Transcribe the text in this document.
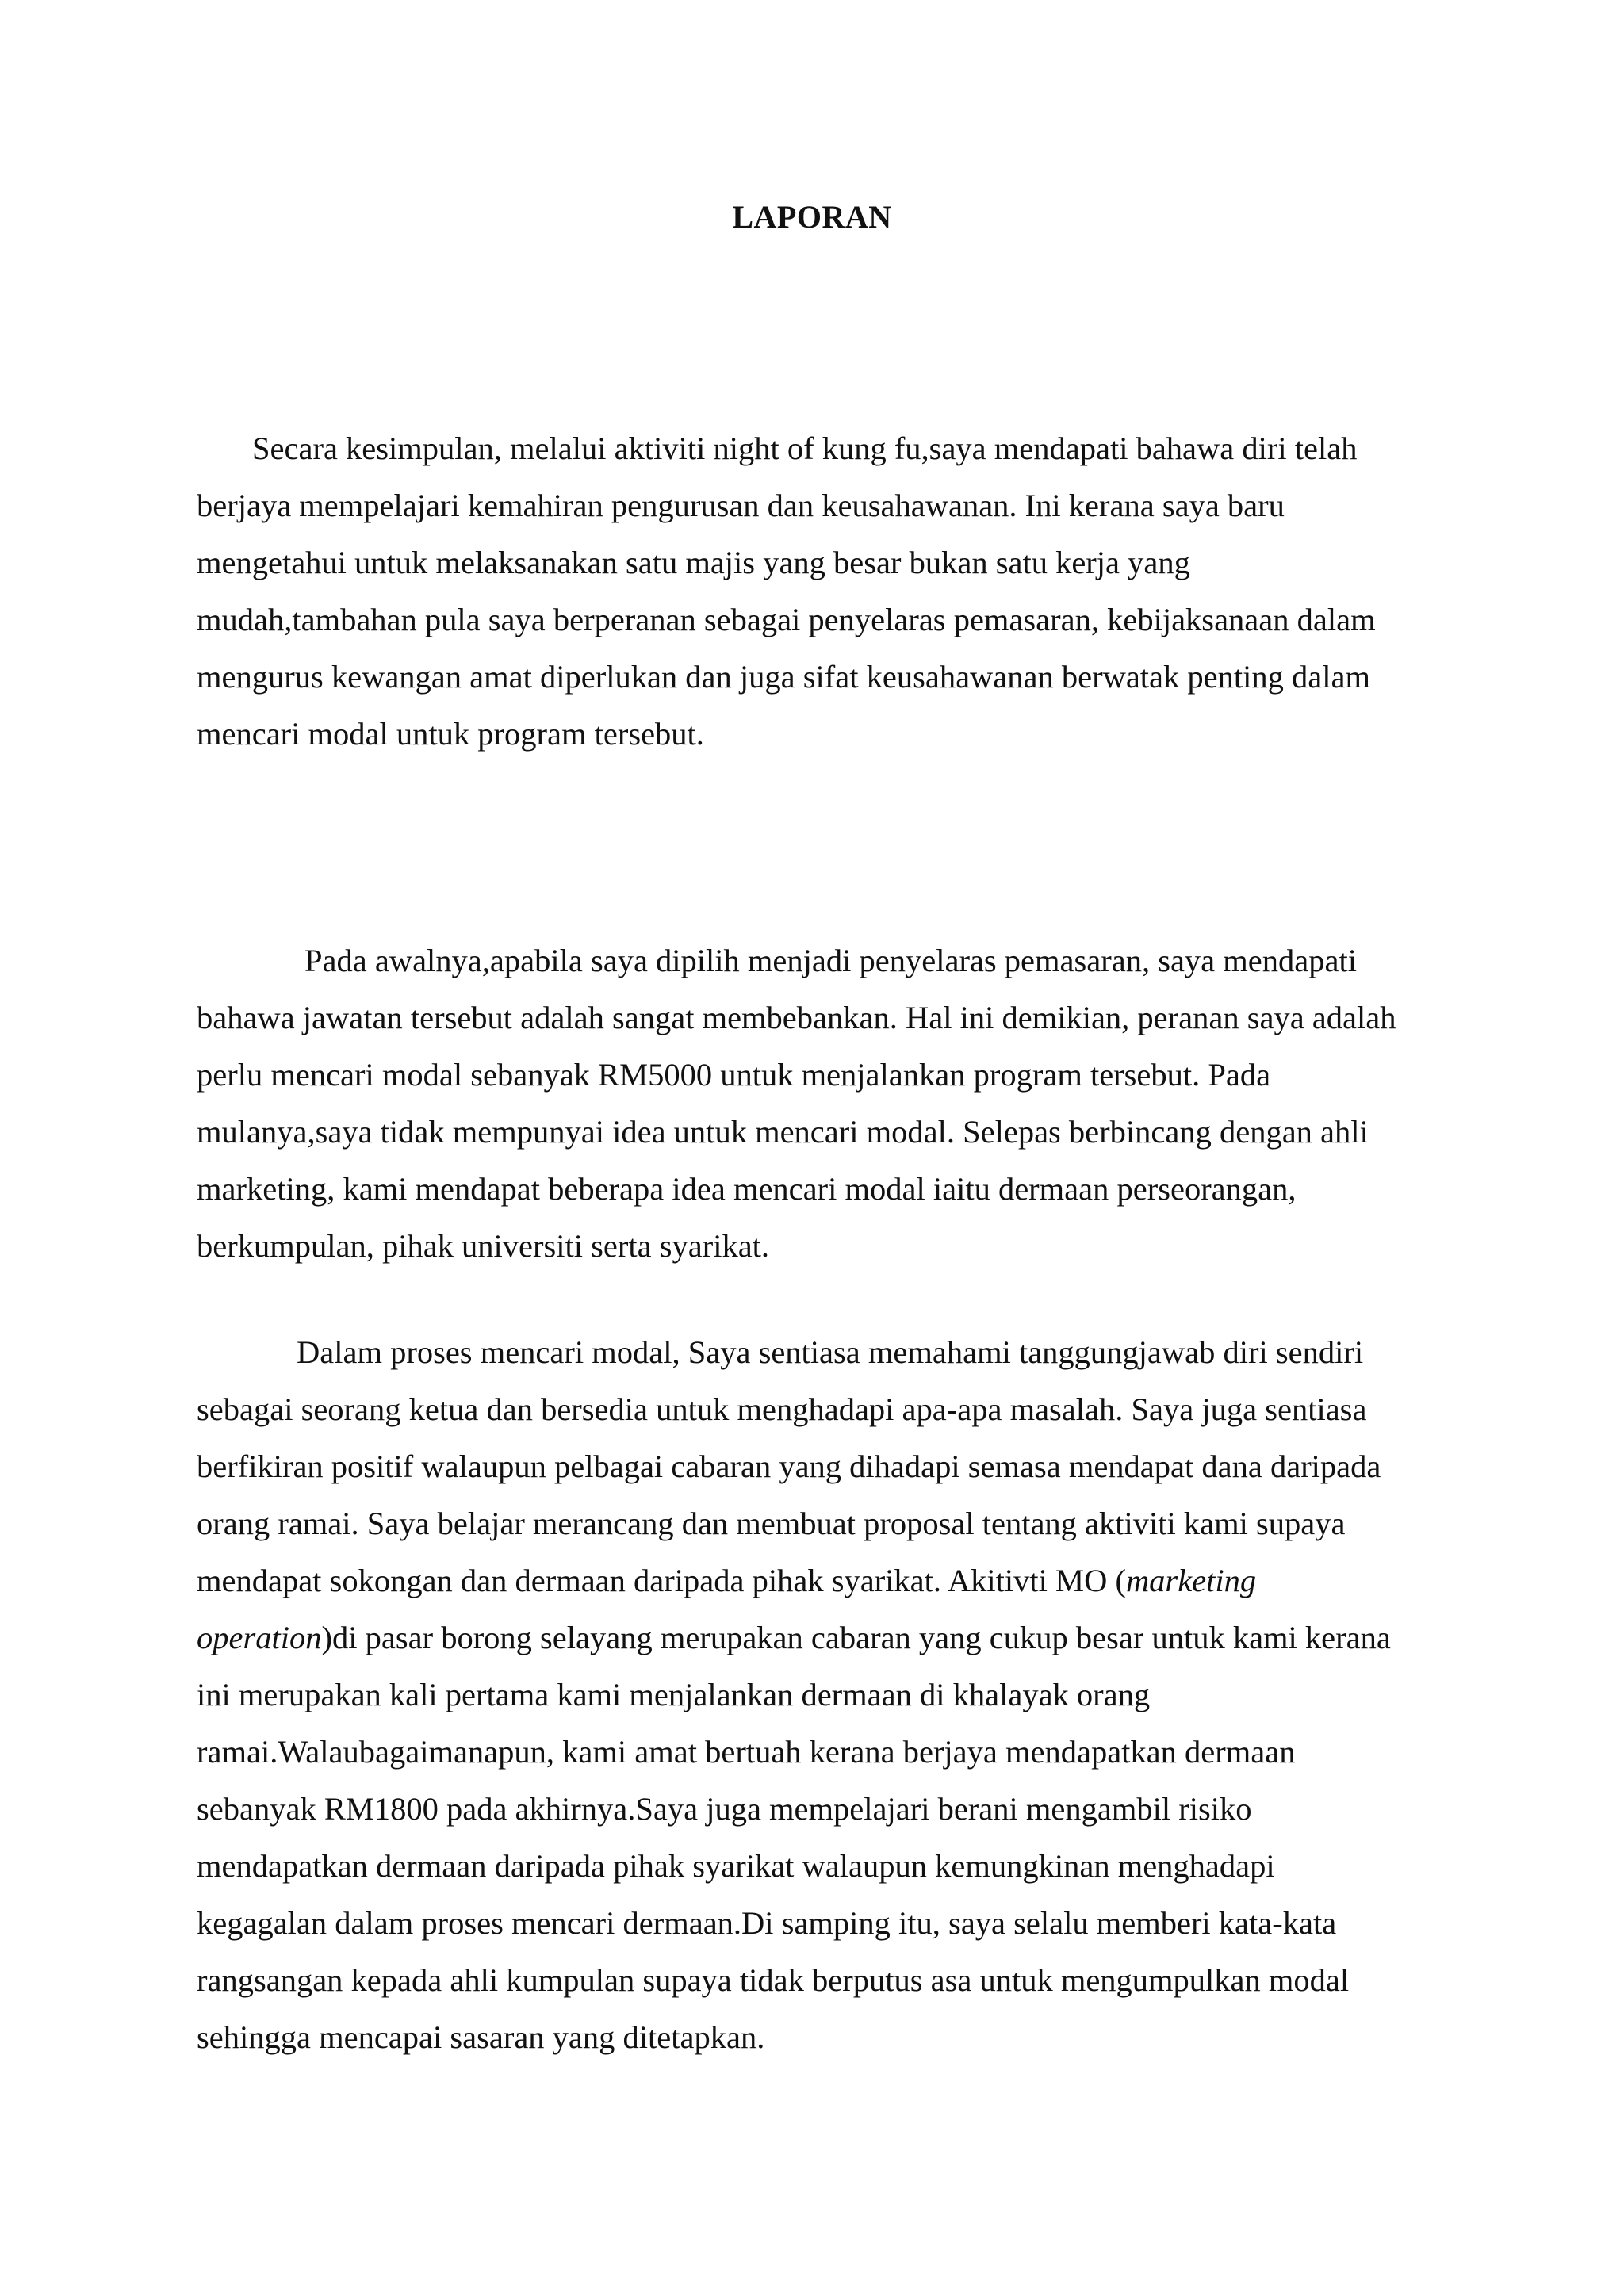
LAPORAN

Secara kesimpulan, melalui aktiviti night of kung fu,saya mendapati bahawa diri telah
berjaya mempelajari kemahiran pengurusan dan keusahawanan. Ini kerana saya baru
mengetahui untuk melaksanakan satu majis yang besar bukan satu kerja yang
mudah,tambahan pula saya berperanan sebagai penyelaras pemasaran, kebijaksanaan dalam
mengurus kewangan amat diperlukan dan juga sifat keusahawanan berwatak penting dalam
mencari modal untuk program tersebut.

Pada awalnya,apabila saya dipilih menjadi penyelaras pemasaran, saya mendapati
bahawa jawatan tersebut adalah sangat membebankan. Hal ini demikian, peranan saya adalah
perlu mencari modal sebanyak RM5000 untuk menjalankan program tersebut. Pada
mulanya,saya tidak mempunyai idea untuk mencari modal. Selepas berbincang dengan ahli
marketing, kami mendapat beberapa idea mencari modal iaitu dermaan perseorangan,
berkumpulan, pihak universiti serta syarikat.

Dalam proses mencari modal, Saya sentiasa memahami tanggungjawab diri sendiri
sebagai seorang ketua dan bersedia untuk menghadapi apa-apa masalah. Saya juga sentiasa
berfikiran positif walaupun pelbagai cabaran yang dihadapi semasa mendapat dana daripada
orang ramai. Saya belajar merancang dan membuat proposal tentang aktiviti kami supaya
mendapat sokongan dan dermaan daripada pihak syarikat. Akitivti MO (marketing
operation)di pasar borong selayang merupakan cabaran yang cukup besar untuk kami kerana
ini merupakan kali pertama kami menjalankan dermaan di khalayak orang
ramai.Walaubagaimanapun, kami amat bertuah kerana berjaya mendapatkan dermaan
sebanyak RM1800 pada akhirnya.Saya juga mempelajari berani mengambil risiko
mendapatkan dermaan daripada pihak syarikat walaupun kemungkinan menghadapi
kegagalan dalam proses mencari dermaan.Di samping itu, saya selalu memberi kata-kata
rangsangan kepada ahli kumpulan supaya tidak berputus asa untuk mengumpulkan modal
sehingga mencapai sasaran yang ditetapkan.
